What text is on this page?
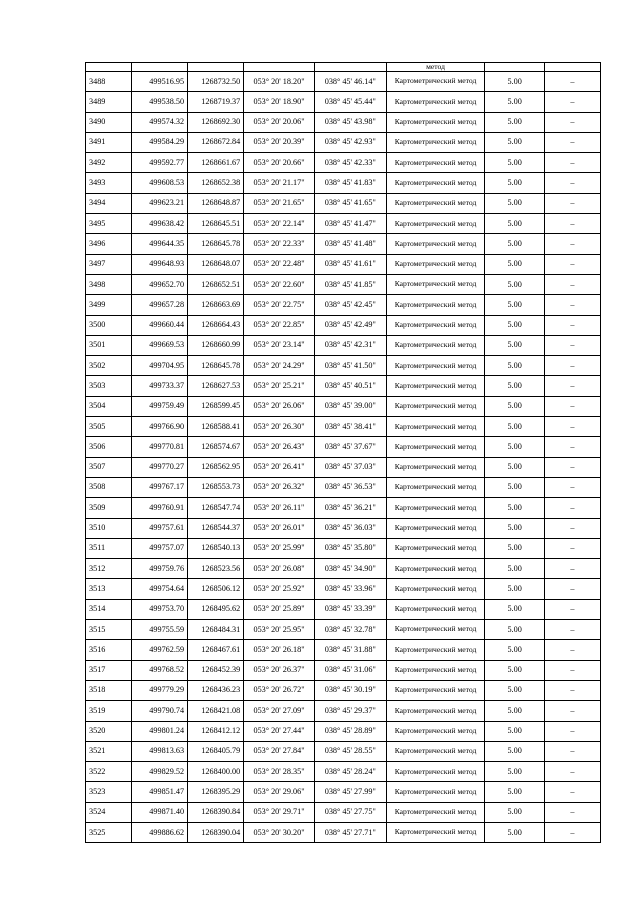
					метод		
3488	499516.95	1268732.50	053° 20' 18.20"	038° 45' 46.14"	Картометрический метод	5.00	–
3489	499538.50	1268719.37	053° 20' 18.90"	038° 45' 45.44"	Картометрический метод	5.00	–
3490	499574.32	1268692.30	053° 20' 20.06"	038° 45' 43.98"	Картометрический метод	5.00	–
3491	499584.29	1268672.84	053° 20' 20.39"	038° 45' 42.93"	Картометрический метод	5.00	–
3492	499592.77	1268661.67	053° 20' 20.66"	038° 45' 42.33"	Картометрический метод	5.00	–
3493	499608.53	1268652.38	053° 20' 21.17"	038° 45' 41.83"	Картометрический метод	5.00	–
3494	499623.21	1268648.87	053° 20' 21.65"	038° 45' 41.65"	Картометрический метод	5.00	–
3495	499638.42	1268645.51	053° 20' 22.14"	038° 45' 41.47"	Картометрический метод	5.00	–
3496	499644.35	1268645.78	053° 20' 22.33"	038° 45' 41.48"	Картометрический метод	5.00	–
3497	499648.93	1268648.07	053° 20' 22.48"	038° 45' 41.61"	Картометрический метод	5.00	–
3498	499652.70	1268652.51	053° 20' 22.60"	038° 45' 41.85"	Картометрический метод	5.00	–
3499	499657.28	1268663.69	053° 20' 22.75"	038° 45' 42.45"	Картометрический метод	5.00	–
3500	499660.44	1268664.43	053° 20' 22.85"	038° 45' 42.49"	Картометрический метод	5.00	–
3501	499669.53	1268660.99	053° 20' 23.14"	038° 45' 42.31"	Картометрический метод	5.00	–
3502	499704.95	1268645.78	053° 20' 24.29"	038° 45' 41.50"	Картометрический метод	5.00	–
3503	499733.37	1268627.53	053° 20' 25.21"	038° 45' 40.51"	Картометрический метод	5.00	–
3504	499759.49	1268599.45	053° 20' 26.06"	038° 45' 39.00"	Картометрический метод	5.00	–
3505	499766.90	1268588.41	053° 20' 26.30"	038° 45' 38.41"	Картометрический метод	5.00	–
3506	499770.81	1268574.67	053° 20' 26.43"	038° 45' 37.67"	Картометрический метод	5.00	–
3507	499770.27	1268562.95	053° 20' 26.41"	038° 45' 37.03"	Картометрический метод	5.00	–
3508	499767.17	1268553.73	053° 20' 26.32"	038° 45' 36.53"	Картометрический метод	5.00	–
3509	499760.91	1268547.74	053° 20' 26.11"	038° 45' 36.21"	Картометрический метод	5.00	–
3510	499757.61	1268544.37	053° 20' 26.01"	038° 45' 36.03"	Картометрический метод	5.00	–
3511	499757.07	1268540.13	053° 20' 25.99"	038° 45' 35.80"	Картометрический метод	5.00	–
3512	499759.76	1268523.56	053° 20' 26.08"	038° 45' 34.90"	Картометрический метод	5.00	–
3513	499754.64	1268506.12	053° 20' 25.92"	038° 45' 33.96"	Картометрический метод	5.00	–
3514	499753.70	1268495.62	053° 20' 25.89"	038° 45' 33.39"	Картометрический метод	5.00	–
3515	499755.59	1268484.31	053° 20' 25.95"	038° 45' 32.78"	Картометрический метод	5.00	–
3516	499762.59	1268467.61	053° 20' 26.18"	038° 45' 31.88"	Картометрический метод	5.00	–
3517	499768.52	1268452.39	053° 20' 26.37"	038° 45' 31.06"	Картометрический метод	5.00	–
3518	499779.29	1268436.23	053° 20' 26.72"	038° 45' 30.19"	Картометрический метод	5.00	–
3519	499790.74	1268421.08	053° 20' 27.09"	038° 45' 29.37"	Картометрический метод	5.00	–
3520	499801.24	1268412.12	053° 20' 27.44"	038° 45' 28.89"	Картометрический метод	5.00	–
3521	499813.63	1268405.79	053° 20' 27.84"	038° 45' 28.55"	Картометрический метод	5.00	–
3522	499829.52	1268400.00	053° 20' 28.35"	038° 45' 28.24"	Картометрический метод	5.00	–
3523	499851.47	1268395.29	053° 20' 29.06"	038° 45' 27.99"	Картометрический метод	5.00	–
3524	499871.40	1268390.84	053° 20' 29.71"	038° 45' 27.75"	Картометрический метод	5.00	–
3525	499886.62	1268390.04	053° 20' 30.20"	038° 45' 27.71"	Картометрический метод	5.00	–
